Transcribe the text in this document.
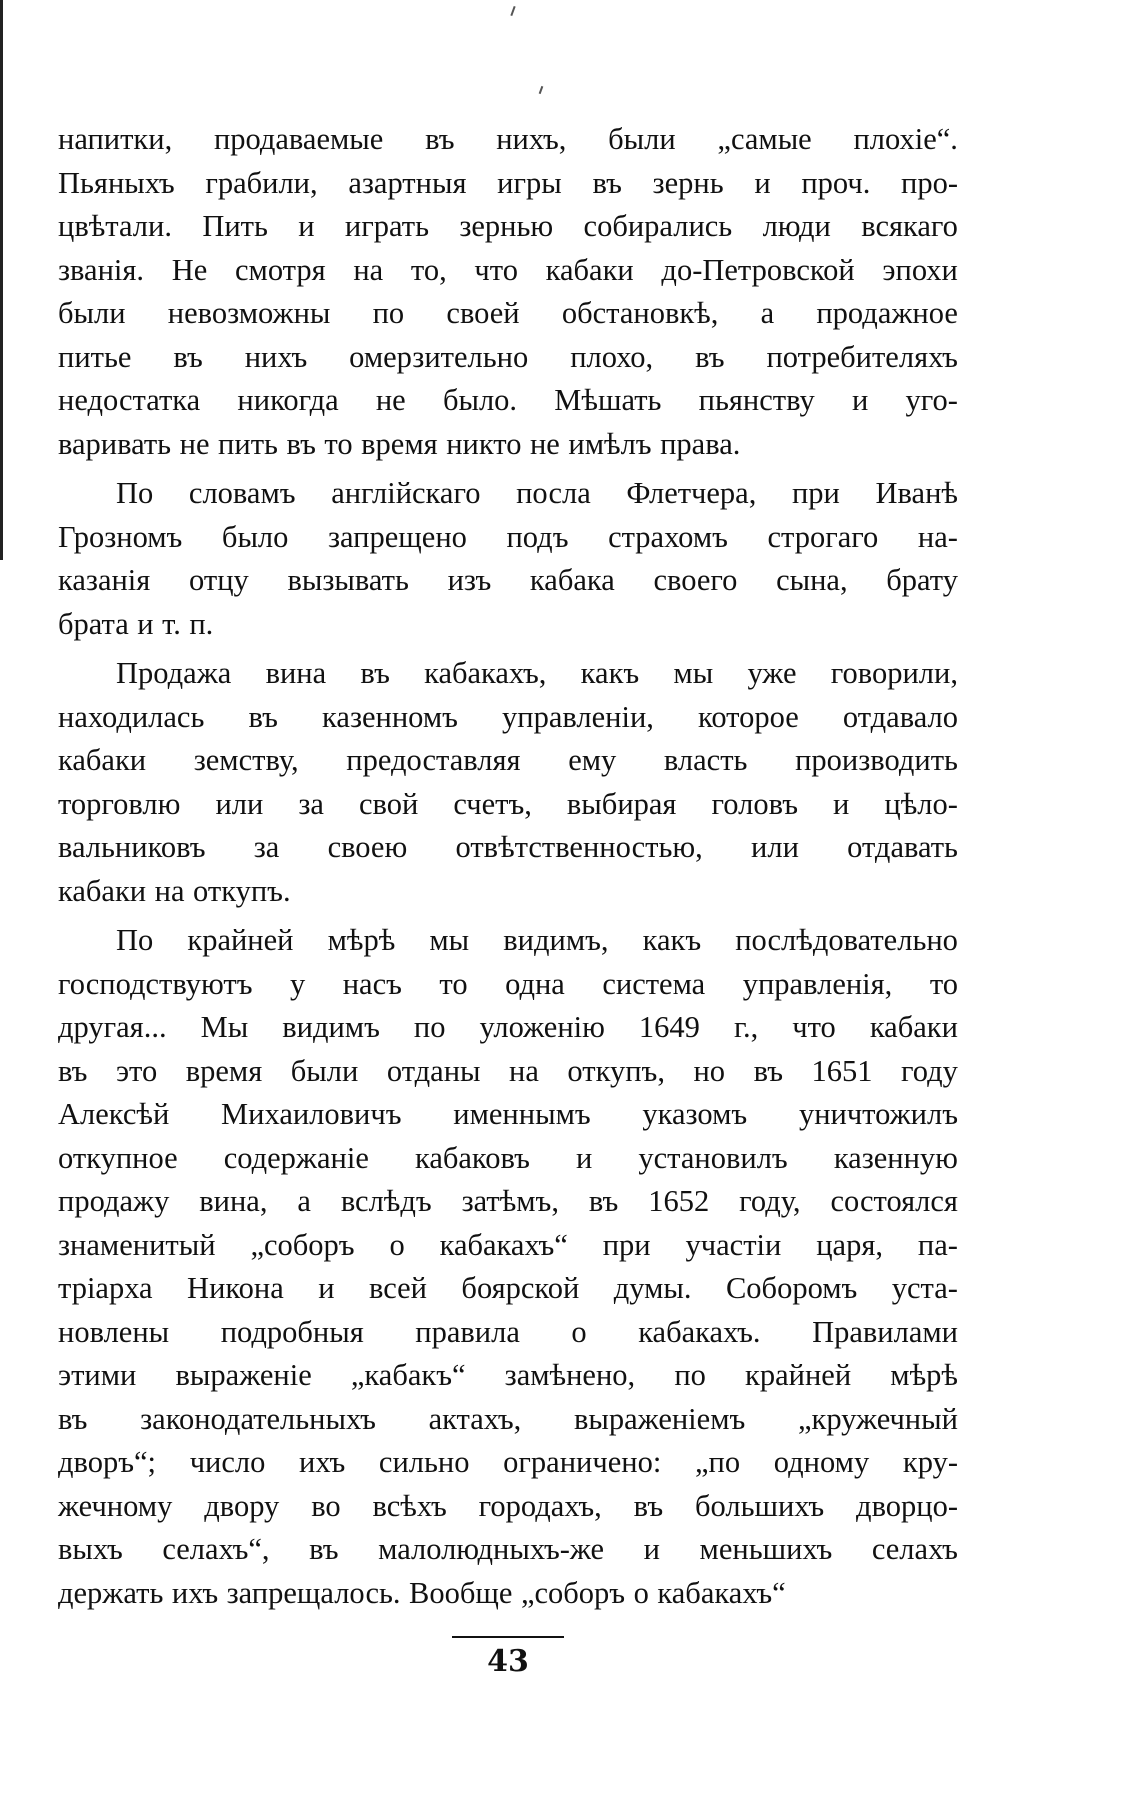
напитки, продаваемые въ нихъ, были „самые плохіе“.
Пьяныхъ грабили, азартныя игры въ зернь и проч. про-
цвѣтали. Пить и играть зернью собирались люди всякаго
званія. Не смотря на то, что кабаки до-Петровской эпохи
были невозможны по своей обстановкѣ, а продажное
питье въ нихъ омерзительно плохо, въ потребителяхъ
недостатка никогда не было. Мѣшать пьянству и уго-
варивать не пить въ то время никто не имѣлъ права.
По словамъ англійскаго посла Флетчера, при Иванѣ
Грозномъ было запрещено подъ страхомъ строгаго на-
казанія отцу вызывать изъ кабака своего сына, брату
брата и т. п.
Продажа вина въ кабакахъ, какъ мы уже говорили,
находилась въ казенномъ управленіи, которое отдавало
кабаки земству, предоставляя ему власть производить
торговлю или за свой счетъ, выбирая головъ и цѣло-
вальниковъ за своею отвѣтственностью, или отдавать
кабаки на откупъ.
По крайней мѣрѣ мы видимъ, какъ послѣдовательно
господствуютъ у насъ то одна система управленія, то
другая... Мы видимъ по уложенію 1649 г., что кабаки
въ это время были отданы на откупъ, но въ 1651 году
Алексѣй Михаиловичъ именнымъ указомъ уничтожилъ
откупное содержаніе кабаковъ и установилъ казенную
продажу вина, а вслѣдъ затѣмъ, въ 1652 году, состоялся
знаменитый „соборъ о кабакахъ“ при участіи царя, па-
тріарха Никона и всей боярской думы. Соборомъ уста-
новлены подробныя правила о кабакахъ. Правилами
этими выраженіе „кабакъ“ замѣнено, по крайней мѣрѣ
въ законодательныхъ актахъ, выраженіемъ „кружечный
дворъ“; число ихъ сильно ограничено: „по одному кру-
жечному двору во всѣхъ городахъ, въ большихъ дворцо-
выхъ селахъ“, въ малолюдныхъ-же и меньшихъ селахъ
держать ихъ запрещалось. Вообще „соборъ о кабакахъ“
43
